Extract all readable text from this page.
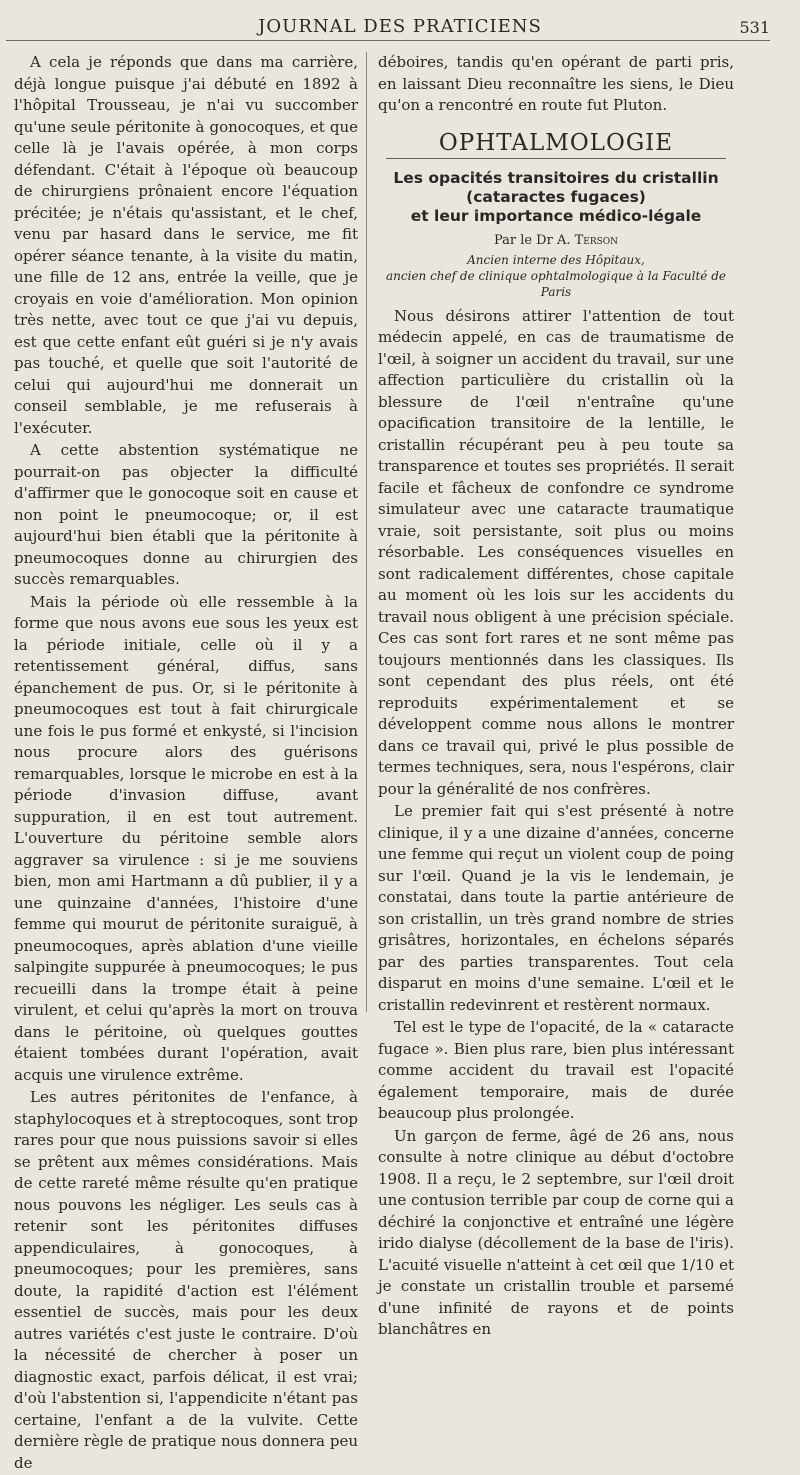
JOURNAL DES PRATICIENS	531

A cela je réponds que dans ma carrière, déjà longue puisque j'ai débuté en 1892 à l'hôpital Trousseau, je n'ai vu succomber qu'une seule péritonite à gonocoques, et que celle là je l'avais opérée, à mon corps défendant. C'était à l'époque où beaucoup de chirurgiens prônaient encore l'équation précitée; je n'étais qu'assistant, et le chef, venu par hasard dans le service, me fit opérer séance tenante, à la visite du matin, une fille de 12 ans, entrée la veille, que je croyais en voie d'amélioration. Mon opinion très nette, avec tout ce que j'ai vu depuis, est que cette enfant eût guéri si je n'y avais pas touché, et quelle que soit l'autorité de celui qui aujourd'hui me donnerait un conseil semblable, je me refuserais à l'exécuter.

A cette abstention systématique ne pourrait-on pas objecter la difficulté d'affirmer que le gonocoque soit en cause et non point le pneumocoque; or, il est aujourd'hui bien établi que la péritonite à pneumocoques donne au chirurgien des succès remarquables.

Mais la période où elle ressemble à la forme que nous avons eue sous les yeux est la période initiale, celle où il y a retentissement général, diffus, sans épanchement de pus. Or, si le péritonite à pneumocoques est tout à fait chirurgicale une fois le pus formé et enkysté, si l'incision nous procure alors des guérisons remarquables, lorsque le microbe en est à la période d'invasion diffuse, avant suppuration, il en est tout autrement. L'ouverture du péritoine semble alors aggraver sa virulence : si je me souviens bien, mon ami Hartmann a dû publier, il y a une quinzaine d'années, l'histoire d'une femme qui mourut de péritonite suraiguë, à pneumocoques, après ablation d'une vieille salpingite suppurée à pneumocoques; le pus recueilli dans la trompe était à peine virulent, et celui qu'après la mort on trouva dans le péritoine, où quelques gouttes étaient tombées durant l'opération, avait acquis une virulence extrême.

Les autres péritonites de l'enfance, à staphylocoques et à streptocoques, sont trop rares pour que nous puissions savoir si elles se prêtent aux mêmes considérations. Mais de cette rareté même résulte qu'en pratique nous pouvons les négliger. Les seuls cas à retenir sont les péritonites diffuses appendiculaires, à gonocoques, à pneumocoques; pour les premières, sans doute, la rapidité d'action est l'élément essentiel de succès, mais pour les deux autres variétés c'est juste le contraire. D'où la nécessité de chercher à poser un diagnostic exact, parfois délicat, il est vrai; d'où l'abstention si, l'appendicite n'étant pas certaine, l'enfant a de la vulvite. Cette dernière règle de pratique nous donnera peu de

déboires, tandis qu'en opérant de parti pris, en laissant Dieu reconnaître les siens, le Dieu qu'on a rencontré en route fut Pluton.

OPHTALMOLOGIE
Les opacités transitoires du cristallin
(cataractes fugaces)
et leur importance médico-légale
Par le Dr A. Terson
Ancien interne des Hôpitaux,
ancien chef de clinique ophtalmologique à la Faculté de Paris

Nous désirons attirer l'attention de tout médecin appelé, en cas de traumatisme de l'œil, à soigner un accident du travail, sur une affection particulière du cristallin où la blessure de l'œil n'entraîne qu'une opacification transitoire de la lentille, le cristallin récupérant peu à peu toute sa transparence et toutes ses propriétés. Il serait facile et fâcheux de confondre ce syndrome simulateur avec une cataracte traumatique vraie, soit persistante, soit plus ou moins résorbable. Les conséquences visuelles en sont radicalement différentes, chose capitale au moment où les lois sur les accidents du travail nous obligent à une précision spéciale. Ces cas sont fort rares et ne sont même pas toujours mentionnés dans les classiques. Ils sont cependant des plus réels, ont été reproduits expérimentalement et se développent comme nous allons le montrer dans ce travail qui, privé le plus possible de termes techniques, sera, nous l'espérons, clair pour la généralité de nos confrères.

Le premier fait qui s'est présenté à notre clinique, il y a une dizaine d'années, concerne une femme qui reçut un violent coup de poing sur l'œil. Quand je la vis le lendemain, je constatai, dans toute la partie antérieure de son cristallin, un très grand nombre de stries grisâtres, horizontales, en échelons séparés par des parties transparentes. Tout cela disparut en moins d'une semaine. L'œil et le cristallin redevinrent et restèrent normaux.

Tel est le type de l'opacité, de la « cataracte fugace ». Bien plus rare, bien plus intéressant comme accident du travail est l'opacité également temporaire, mais de durée beaucoup plus prolongée.

Un garçon de ferme, âgé de 26 ans, nous consulte à notre clinique au début d'octobre 1908. Il a reçu, le 2 septembre, sur l'œil droit une contusion terrible par coup de corne qui a déchiré la conjonctive et entraîné une légère irido dialyse (décollement de la base de l'iris). L'acuité visuelle n'atteint à cet œil que 1/10 et je constate un cristallin trouble et parsemé d'une infinité de rayons et de points blanchâtres en
